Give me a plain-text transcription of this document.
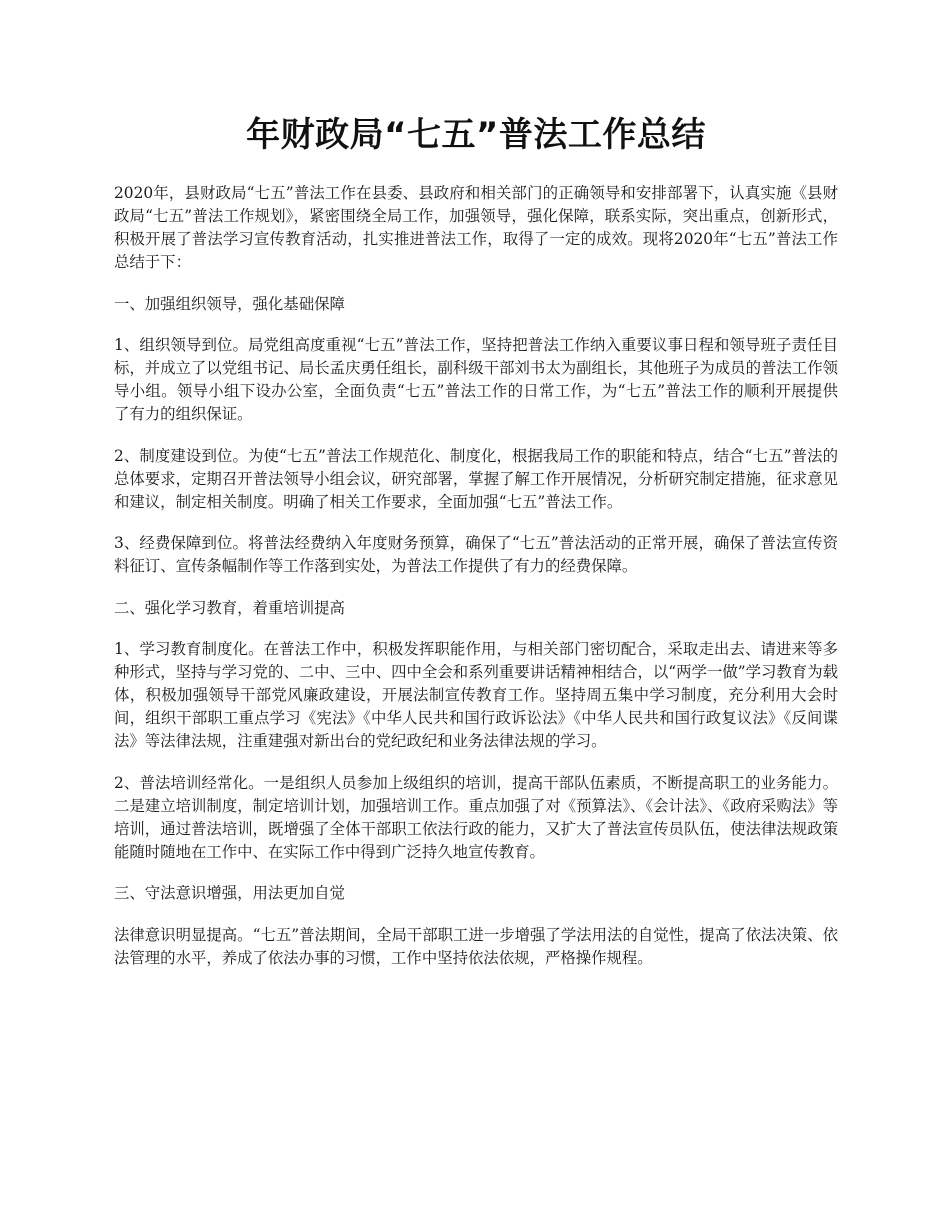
年财政局“七五”普法工作总结

2020年，县财政局“七五”普法工作在县委、县政府和相关部门的正确领导和安排部署下，认真实施《县财政局“七五”普法工作规划》，紧密围绕全局工作，加强领导，强化保障，联系实际，突出重点，创新形式，积极开展了普法学习宣传教育活动，扎实推进普法工作，取得了一定的成效。现将2020年“七五”普法工作总结于下：

一、加强组织领导，强化基础保障

1、组织领导到位。局党组高度重视“七五”普法工作，坚持把普法工作纳入重要议事日程和领导班子责任目标，并成立了以党组书记、局长孟庆勇任组长，副科级干部刘书太为副组长，其他班子为成员的普法工作领导小组。领导小组下设办公室，全面负责“七五”普法工作的日常工作，为“七五”普法工作的顺利开展提供了有力的组织保证。

2、制度建设到位。为使“七五”普法工作规范化、制度化，根据我局工作的职能和特点，结合“七五”普法的总体要求，定期召开普法领导小组会议，研究部署，掌握了解工作开展情况，分析研究制定措施，征求意见和建议，制定相关制度。明确了相关工作要求，全面加强“七五”普法工作。

3、经费保障到位。将普法经费纳入年度财务预算，确保了“七五”普法活动的正常开展，确保了普法宣传资料征订、宣传条幅制作等工作落到实处，为普法工作提供了有力的经费保障。

二、强化学习教育，着重培训提高

1、学习教育制度化。在普法工作中，积极发挥职能作用，与相关部门密切配合，采取走出去、请进来等多种形式，坚持与学习党的、二中、三中、四中全会和系列重要讲话精神相结合，以“两学一做”学习教育为载体，积极加强领导干部党风廉政建设，开展法制宣传教育工作。坚持周五集中学习制度，充分利用大会时间，组织干部职工重点学习《宪法》《中华人民共和国行政诉讼法》《中华人民共和国行政复议法》《反间谍法》等法律法规，注重建强对新出台的党纪政纪和业务法律法规的学习。

2、普法培训经常化。一是组织人员参加上级组织的培训，提高干部队伍素质，不断提高职工的业务能力。二是建立培训制度，制定培训计划，加强培训工作。重点加强了对《预算法》、《会计法》、《政府采购法》等培训，通过普法培训，既增强了全体干部职工依法行政的能力，又扩大了普法宣传员队伍，使法律法规政策能随时随地在工作中、在实际工作中得到广泛持久地宣传教育。

三、守法意识增强，用法更加自觉

法律意识明显提高。“七五”普法期间，全局干部职工进一步增强了学法用法的自觉性，提高了依法决策、依法管理的水平，养成了依法办事的习惯，工作中坚持依法依规，严格操作规程。
